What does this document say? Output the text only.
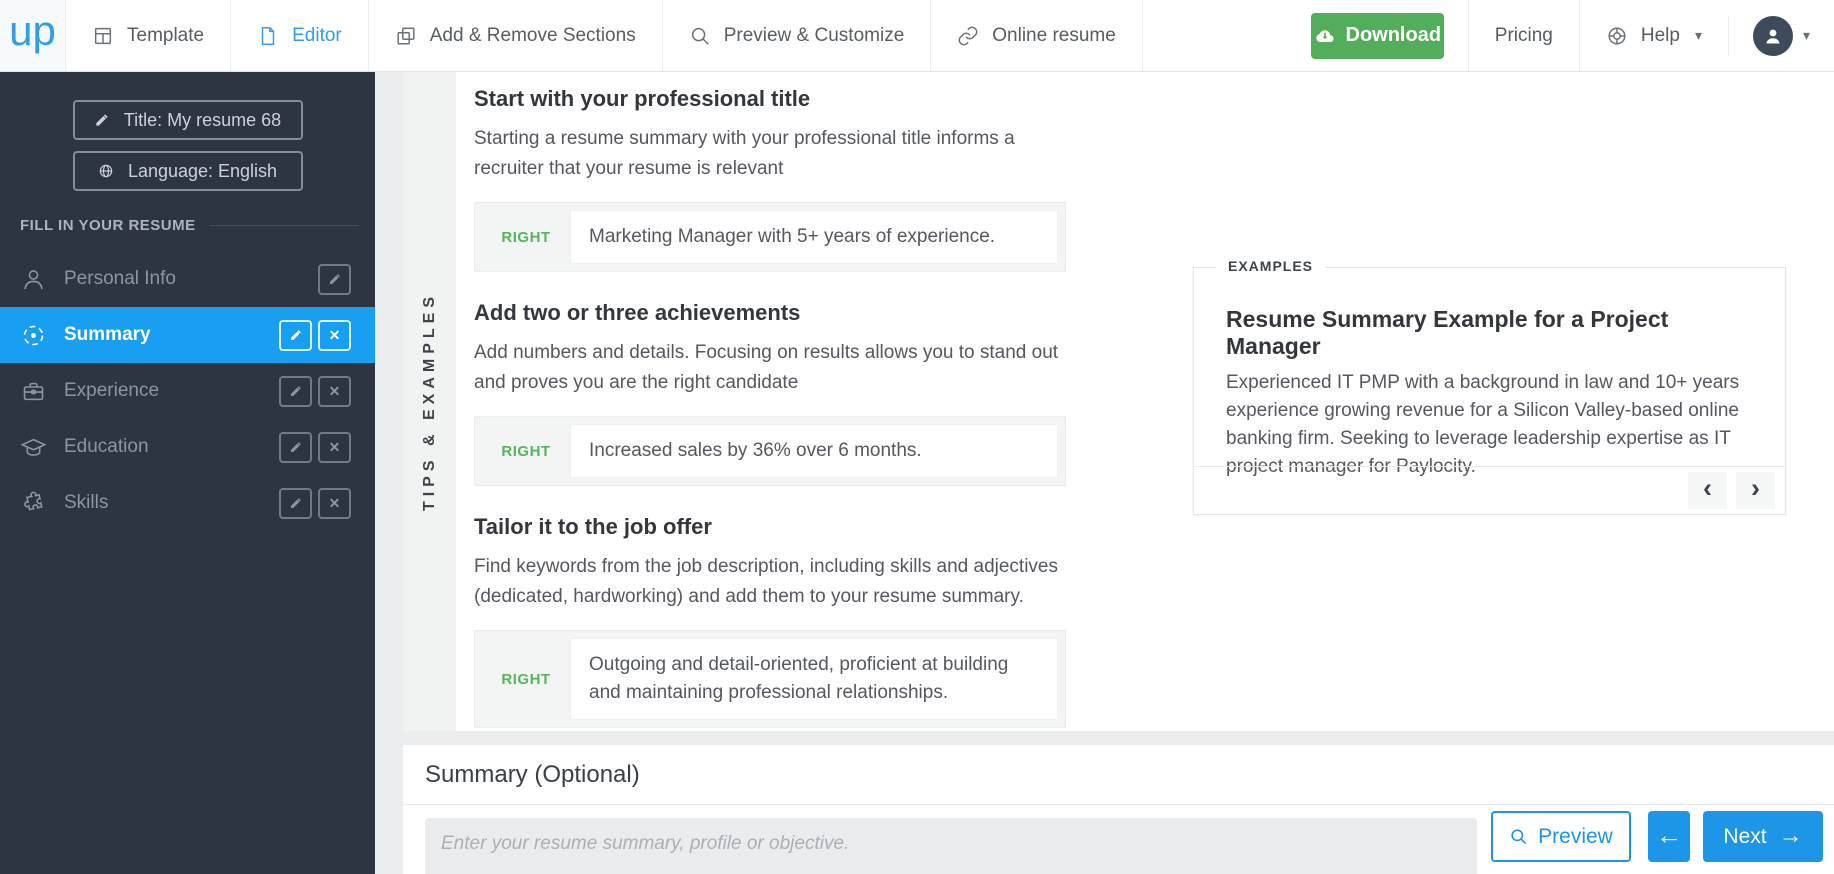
up	Template	Editor	Add & Remove Sections	Preview & Customize	Online resume	Download	Pricing	Help ▾	▾
Title: My resume 68
Language: English
FILL IN YOUR RESUME
Personal Info
Summary	✕
Experience	✕
Education	✕
Skills	✕	TIPS & EXAMPLES
Start with your professional title

Starting a resume summary with your professional title informs a recruiter that your resume is relevant

RIGHT	Marketing Manager with 5+ years of experience.
Add two or three achievements

Add numbers and details. Focusing on results allows you to stand out and proves you are the right candidate

RIGHT	Increased sales by 36% over 6 months.
Tailor it to the job offer

Find keywords from the job description, including skills and adjectives (dedicated, hardworking) and add them to your resume summary.

RIGHT
Outgoing and detail-oriented, proficient at building and maintaining professional relationships.
EXAMPLES
Resume Summary Example for a Project Manager

Experienced IT PMP with a background in law and 10+ years experience growing revenue for a Silicon Valley-based online banking firm. Seeking to leverage leadership expertise as IT project manager for Paylocity.

‹ ›
Summary (Optional)
Enter your resume summary, profile or objective.
Preview ← Next →
